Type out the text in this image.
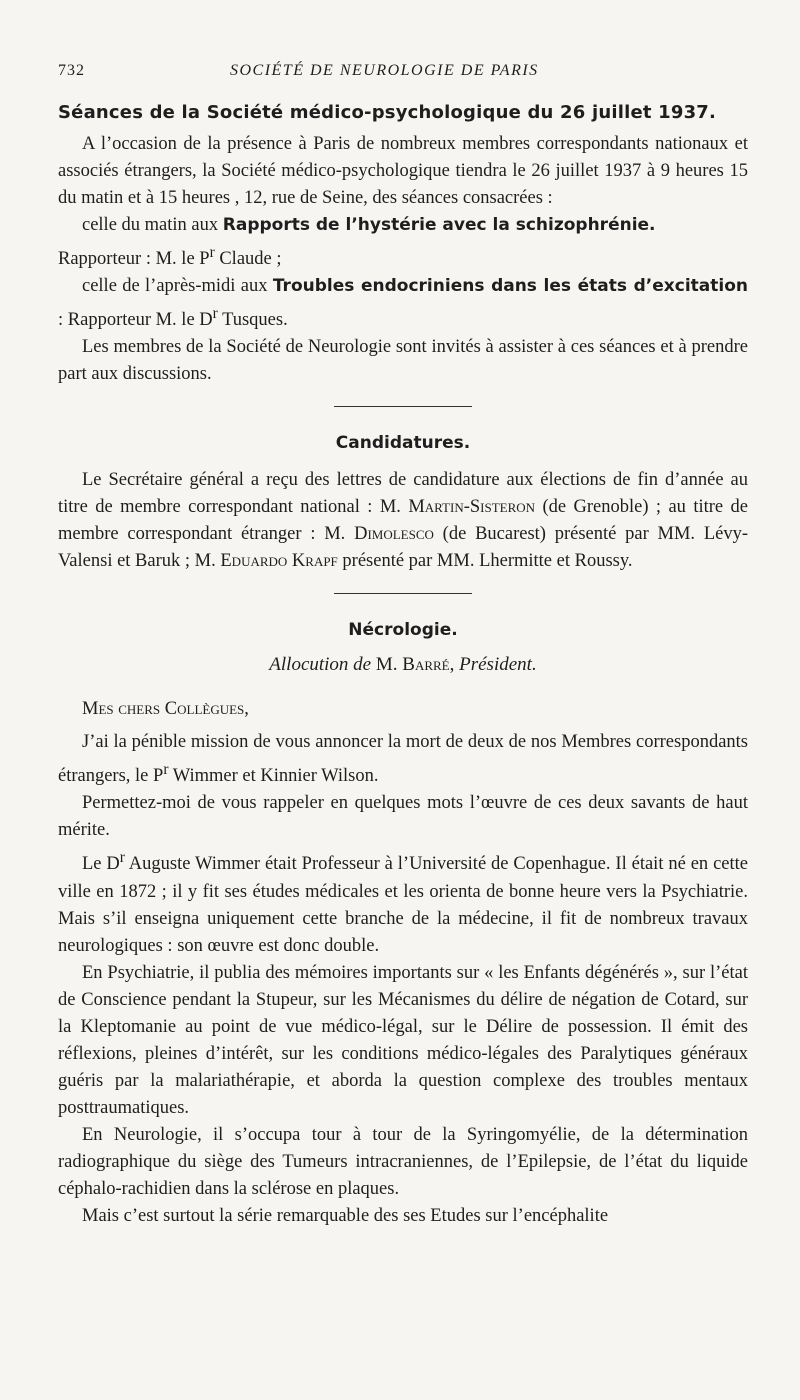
732	SOCIÉTÉ DE NEUROLOGIE DE PARIS
Séances de la Société médico-psychologique du 26 juillet 1937.

A l’occasion de la présence à Paris de nombreux membres correspondants nationaux et associés étrangers, la Société médico-psychologique tiendra le 26 juillet 1937 à 9 heures 15 du matin et à 15 heures , 12, rue de Seine, des séances consacrées :

celle du matin aux Rapports de l’hystérie avec la schizophrénie.

Rapporteur : M. le $P^r$ Claude ;

celle de l’après-midi aux Troubles endocriniens dans les états d’excitation : Rapporteur M. le $D^r$ Tusques.

Les membres de la Société de Neurologie sont invités à assister à ces séances et à prendre part aux discussions.

Candidatures.

Le Secrétaire général a reçu des lettres de candidature aux élections de fin d’année au titre de membre correspondant national : M. Martin-Sisteron (de Grenoble) ; au titre de membre correspondant étranger : M. Dimolesco (de Bucarest) présenté par MM. Lévy-Valensi et Baruk ; M. Eduardo Krapf présenté par MM. Lhermitte et Roussy.

Nécrologie.
Allocution de M. Barré, Président.

Mes chers Collègues,

J’ai la pénible mission de vous annoncer la mort de deux de nos Membres correspondants étrangers, le $P^r$ Wimmer et Kinnier Wilson.

Permettez-moi de vous rappeler en quelques mots l’œuvre de ces deux savants de haut mérite.

Le $D^r$ Auguste Wimmer était Professeur à l’Université de Copenhague. Il était né en cette ville en 1872 ; il y fit ses études médicales et les orienta de bonne heure vers la Psychiatrie. Mais s’il enseigna uniquement cette branche de la médecine, il fit de nombreux travaux neurologiques : son œuvre est donc double.

En Psychiatrie, il publia des mémoires importants sur « les Enfants dégénérés », sur l’état de Conscience pendant la Stupeur, sur les Mécanismes du délire de négation de Cotard, sur la Kleptomanie au point de vue médico-légal, sur le Délire de possession. Il émit des réflexions, pleines d’intérêt, sur les conditions médico-légales des Paralytiques généraux guéris par la malariathérapie, et aborda la question complexe des troubles mentaux posttraumatiques.

En Neurologie, il s’occupa tour à tour de la Syringomyélie, de la détermination radiographique du siège des Tumeurs intracraniennes, de l’Epilepsie, de l’état du liquide céphalo-rachidien dans la sclérose en plaques.

Mais c’est surtout la série remarquable des ses Etudes sur l’encéphalite
